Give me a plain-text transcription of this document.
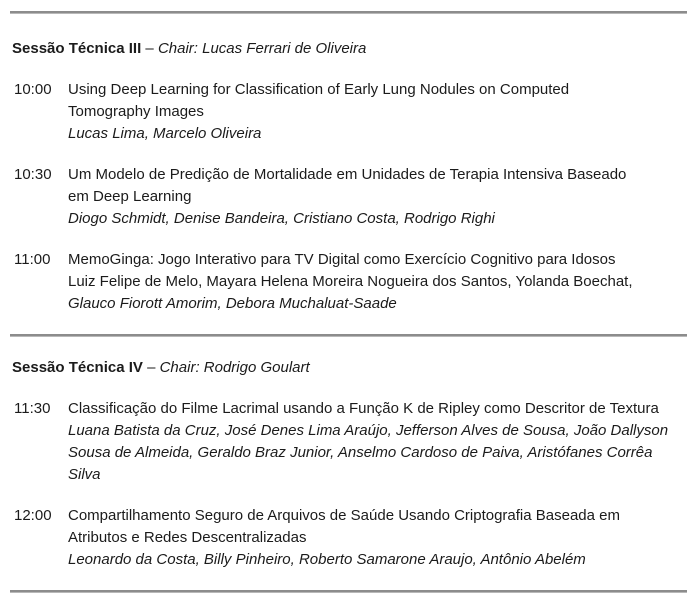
Sessão Técnica III – Chair: Lucas Ferrari de Oliveira
10:00	Using Deep Learning for Classification of Early Lung Nodules on Computed
Tomography Images
Lucas Lima, Marcelo Oliveira
10:30	Um Modelo de Predição de Mortalidade em Unidades de Terapia Intensiva Baseado
em Deep Learning
Diogo Schmidt, Denise Bandeira, Cristiano Costa, Rodrigo Righi
11:00	MemoGinga: Jogo Interativo para TV Digital como Exercício Cognitivo para Idosos
Luiz Felipe de Melo, Mayara Helena Moreira Nogueira dos Santos, Yolanda Boechat,
Glauco Fiorott Amorim, Debora Muchaluat-Saade
Sessão Técnica IV – Chair: Rodrigo Goulart
11:30	Classificação do Filme Lacrimal usando a Função K de Ripley como Descritor de Textura
Luana Batista da Cruz, José Denes Lima Araújo, Jefferson Alves de Sousa, João Dallyson
Sousa de Almeida, Geraldo Braz Junior, Anselmo Cardoso de Paiva, Aristófanes Corrêa
Silva
12:00	Compartilhamento Seguro de Arquivos de Saúde Usando Criptografia Baseada em
Atributos e Redes Descentralizadas
Leonardo da Costa, Billy Pinheiro, Roberto Samarone Araujo, Antônio Abelém
